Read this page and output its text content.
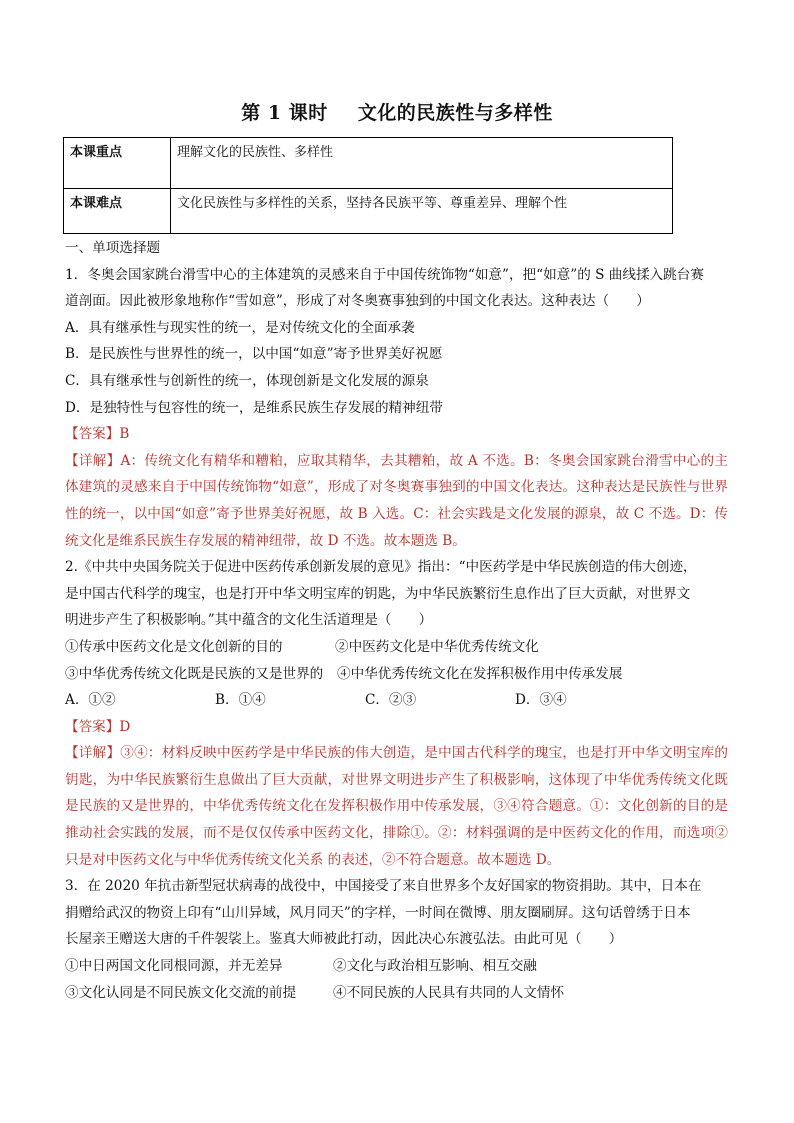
第 1 课时 文化的民族性与多样性
本课重点	理解文化的民族性、多样性
本课难点	文化民族性与多样性的关系，坚持各民族平等、尊重差异、理解个性
一、单项选择题
1．冬奥会国家跳台滑雪中心的主体建筑的灵感来自于中国传统饰物“如意”，把“如意”的 S 曲线揉入跳台赛
道剖面。因此被形象地称作“雪如意”，形成了对冬奥赛事独到的中国文化表达。这种表达（　　）
A．具有继承性与现实性的统一，是对传统文化的全面承袭
B．是民族性与世界性的统一，以中国“如意”寄予世界美好祝愿
C．具有继承性与创新性的统一，体现创新是文化发展的源泉
D．是独特性与包容性的统一，是维系民族生存发展的精神纽带
【答案】B
【详解】A：传统文化有精华和糟粕，应取其精华，去其糟粕，故 A 不选。B：冬奥会国家跳台滑雪中心的主体建筑的灵感来自于中国传统饰物“如意”，形成了对冬奥赛事独到的中国文化表达。这种表达是民族性与世界性的统一，以中国“如意”寄予世界美好祝愿，故 B 入选。C：社会实践是文化发展的源泉，故 C 不选。D：传统文化是维系民族生存发展的精神纽带，故 D 不选。故本题选 B。
2.《中共中央国务院关于促进中医药传承创新发展的意见》指出：“中医药学是中华民族创造的伟大创迹，
是中国古代科学的瑰宝，也是打开中华文明宝库的钥匙，为中华民族繁衍生息作出了巨大贡献，对世界文
明进步产生了积极影响。”其中蕴含的文化生活道理是（　　）
①传承中医药文化是文化创新的目的	②中医药文化是中华优秀传统文化
③中华优秀传统文化既是民族的又是世界的	④中华优秀传统文化在发挥积极作用中传承发展
A．①②	B．①④	C．②③	D．③④
【答案】D
【详解】③④：材料反映中医药学是中华民族的伟大创造，是中国古代科学的瑰宝，也是打开中华文明宝库的钥匙，为中华民族繁衍生息做出了巨大贡献，对世界文明进步产生了积极影响，这体现了中华优秀传统文化既是民族的又是世界的，中华优秀传统文化在发挥积极作用中传承发展，③④符合题意。①：文化创新的目的是推动社会实践的发展，而不是仅仅传承中医药文化，排除①。②：材料强调的是中医药文化的作用，而选项②只是对中医药文化与中华优秀传统文化关系 的表述，②不符合题意。故本题选 D。
3．在 2020 年抗击新型冠状病毒的战役中，中国接受了来自世界多个友好国家的物资捐助。其中，日本在
捐赠给武汉的物资上印有“山川异域，风月同天”的字样，一时间在微博、朋友圈刷屏。这句话曾绣于日本
长屋亲王赠送大唐的千件袈裟上。鉴真大师被此打动，因此决心东渡弘法。由此可见（　　）
①中日两国文化同根同源，并无差异	②文化与政治相互影响、相互交融
③文化认同是不同民族文化交流的前提	④不同民族的人民具有共同的人文情怀
